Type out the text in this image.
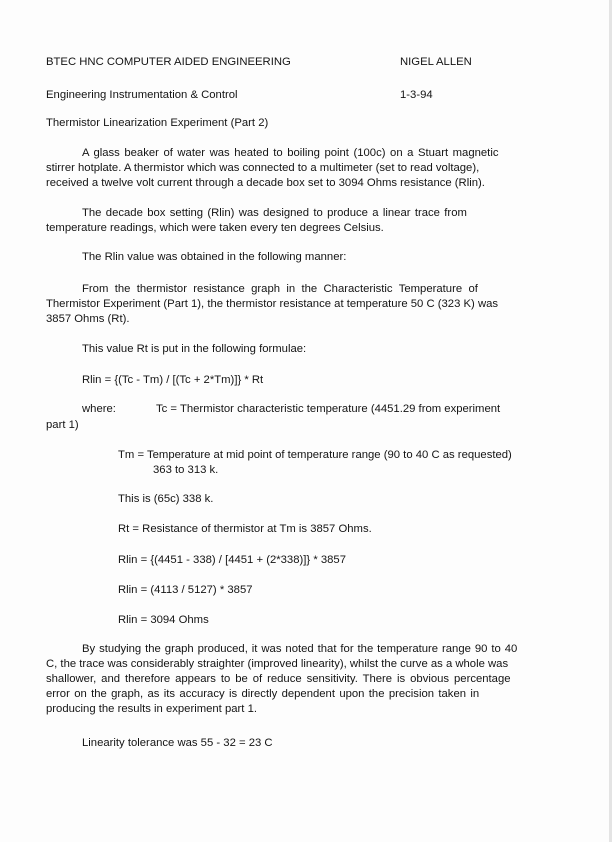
BTEC HNC COMPUTER AIDED ENGINEERING	NIGEL ALLEN
Engineering Instrumentation & Control	1-3-94
Thermistor Linearization Experiment (Part 2)
A glass beaker of water was heated to boiling point (100c) on a Stuart magnetic
stirrer hotplate. A thermistor which was connected to a multimeter (set to read voltage),
received a twelve volt current through a decade box set to 3094 Ohms resistance (Rlin).
The decade box setting (Rlin) was designed to produce a linear trace from
temperature readings, which were taken every ten degrees Celsius.
The Rlin value was obtained in the following manner:
From the thermistor resistance graph in the Characteristic Temperature of
Thermistor Experiment (Part 1), the thermistor resistance at temperature 50 C (323 K) was
3857 Ohms (Rt).
This value Rt is put in the following formulae:
Rlin = {(Tc - Tm) / [(Tc + 2*Tm)]} * Rt
where:	Tc = Thermistor characteristic temperature (4451.29 from experiment
part 1)
Tm = Temperature at mid point of temperature range (90 to 40 C as requested)
363 to 313 k.
This is (65c) 338 k.
Rt = Resistance of thermistor at Tm is 3857 Ohms.
Rlin = {(4451 - 338) / [4451 + (2*338)]} * 3857
Rlin = (4113 / 5127) * 3857
Rlin = 3094 Ohms
By studying the graph produced, it was noted that for the temperature range 90 to 40
C, the trace was considerably straighter (improved linearity), whilst the curve as a whole was
shallower, and therefore appears to be of reduce sensitivity. There is obvious percentage
error on the graph, as its accuracy is directly dependent upon the precision taken in
producing the results in experiment part 1.
Linearity tolerance was 55 - 32 = 23 C
